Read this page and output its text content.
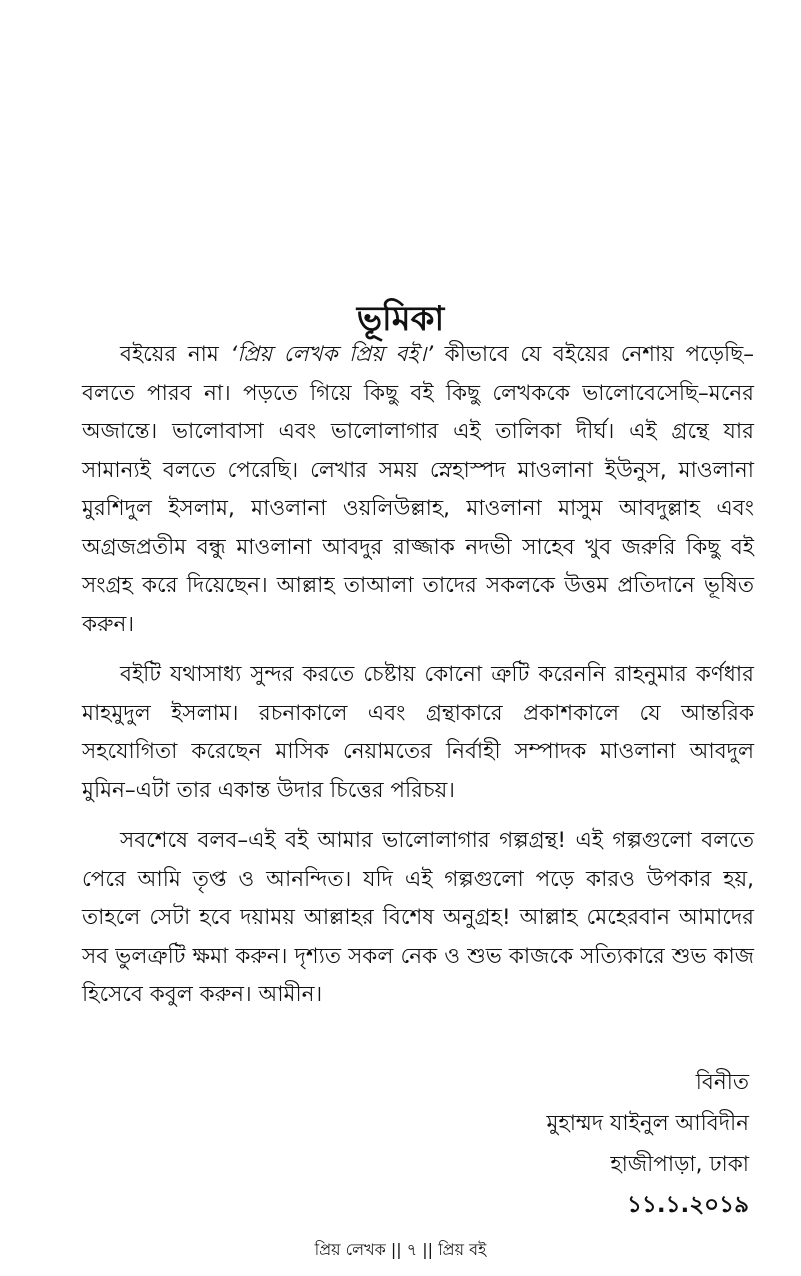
ভূমিকা

বইয়ের নাম ‘প্রিয় লেখক প্রিয় বই।’ কীভাবে যে বইয়ের নেশায় পড়েছি–বলতে পারব না। পড়তে গিয়ে কিছু বই কিছু লেখককে ভালোবেসেছি–মনের অজান্তে। ভালোবাসা এবং ভালোলাগার এই তালিকা দীর্ঘ। এই গ্রন্থে যার সামান্যই বলতে পেরেছি। লেখার সময় স্নেহাস্পদ মাওলানা ইউনুস, মাওলানা মুরশিদুল ইসলাম, মাওলানা ওয়লিউল্লাহ, মাওলানা মাসুম আবদুল্লাহ এবং অগ্রজপ্রতীম বন্ধু মাওলানা আবদুর রাজ্জাক নদভী সাহেব খুব জরুরি কিছু বই সংগ্রহ করে দিয়েছেন। আল্লাহ তাআলা তাদের সকলকে উত্তম প্রতিদানে ভূষিত করুন।

বইটি যথাসাধ্য সুন্দর করতে চেষ্টায় কোনো ত্রুটি করেননি রাহনুমার কর্ণধার মাহমুদুল ইসলাম। রচনাকালে এবং গ্রন্থাকারে প্রকাশকালে যে আন্তরিক সহযোগিতা করেছেন মাসিক নেয়ামতের নির্বাহী সম্পাদক মাওলানা আবদুল মুমিন–এটা তার একান্ত উদার চিত্তের পরিচয়।

সবশেষে বলব–এই বই আমার ভালোলাগার গল্পগ্রন্থ! এই গল্পগুলো বলতে পেরে আমি তৃপ্ত ও আনন্দিত। যদি এই গল্পগুলো পড়ে কারও উপকার হয়, তাহলে সেটা হবে দয়াময় আল্লাহর বিশেষ অনুগ্রহ! আল্লাহ মেহেরবান আমাদের সব ভুলত্রুটি ক্ষমা করুন। দৃশ্যত সকল নেক ও শুভ কাজকে সত্যিকারে শুভ কাজ হিসেবে কবুল করুন। আমীন।

বিনীত
মুহাম্মদ যাইনুল আবিদীন
হাজীপাড়া, ঢাকা
১১.১.২০১৯
প্রিয় লেখক || ৭ || প্রিয় বই
